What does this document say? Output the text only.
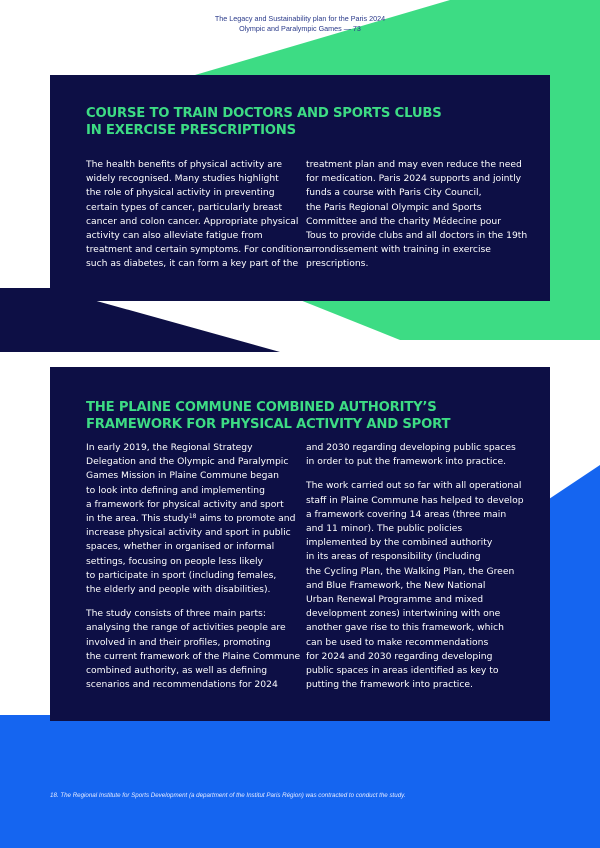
The Legacy and Sustainability plan for the Paris 2024
Olympic and Paralympic Games — 73
COURSE TO TRAIN DOCTORS AND SPORTS CLUBS
IN EXERCISE PRESCRIPTIONS
The health benefits of physical activity are
widely recognised. Many studies highlight
the role of physical activity in preventing
certain types of cancer, particularly breast
cancer and colon cancer. Appropriate physical
activity can also alleviate fatigue from
treatment and certain symptoms. For conditions
such as diabetes, it can form a key part of the
treatment plan and may even reduce the need
for medication. Paris 2024 supports and jointly
funds a course with Paris City Council,
the Paris Regional Olympic and Sports
Committee and the charity Médecine pour
Tous to provide clubs and all doctors in the 19th
arrondissement with training in exercise
prescriptions.
THE PLAINE COMMUNE COMBINED AUTHORITY’S
FRAMEWORK FOR PHYSICAL ACTIVITY AND SPORT
In early 2019, the Regional Strategy
Delegation and the Olympic and Paralympic
Games Mission in Plaine Commune began
to look into defining and implementing
a framework for physical activity and sport
in the area. This study$^{18}$ aims to promote and
increase physical activity and sport in public
spaces, whether in organised or informal
settings, focusing on people less likely
to participate in sport (including females,
the elderly and people with disabilities).
The study consists of three main parts:
analysing the range of activities people are
involved in and their profiles, promoting
the current framework of the Plaine Commune
combined authority, as well as defining
scenarios and recommendations for 2024
and 2030 regarding developing public spaces
in order to put the framework into practice.
The work carried out so far with all operational
staff in Plaine Commune has helped to develop
a framework covering 14 areas (three main
and 11 minor). The public policies
implemented by the combined authority
in its areas of responsibility (including
the Cycling Plan, the Walking Plan, the Green
and Blue Framework, the New National
Urban Renewal Programme and mixed
development zones) intertwining with one
another gave rise to this framework, which
can be used to make recommendations
for 2024 and 2030 regarding developing
public spaces in areas identified as key to
putting the framework into practice.
18. The Regional Institute for Sports Development (a department of the Institut Paris Région) was contracted to conduct the study.
